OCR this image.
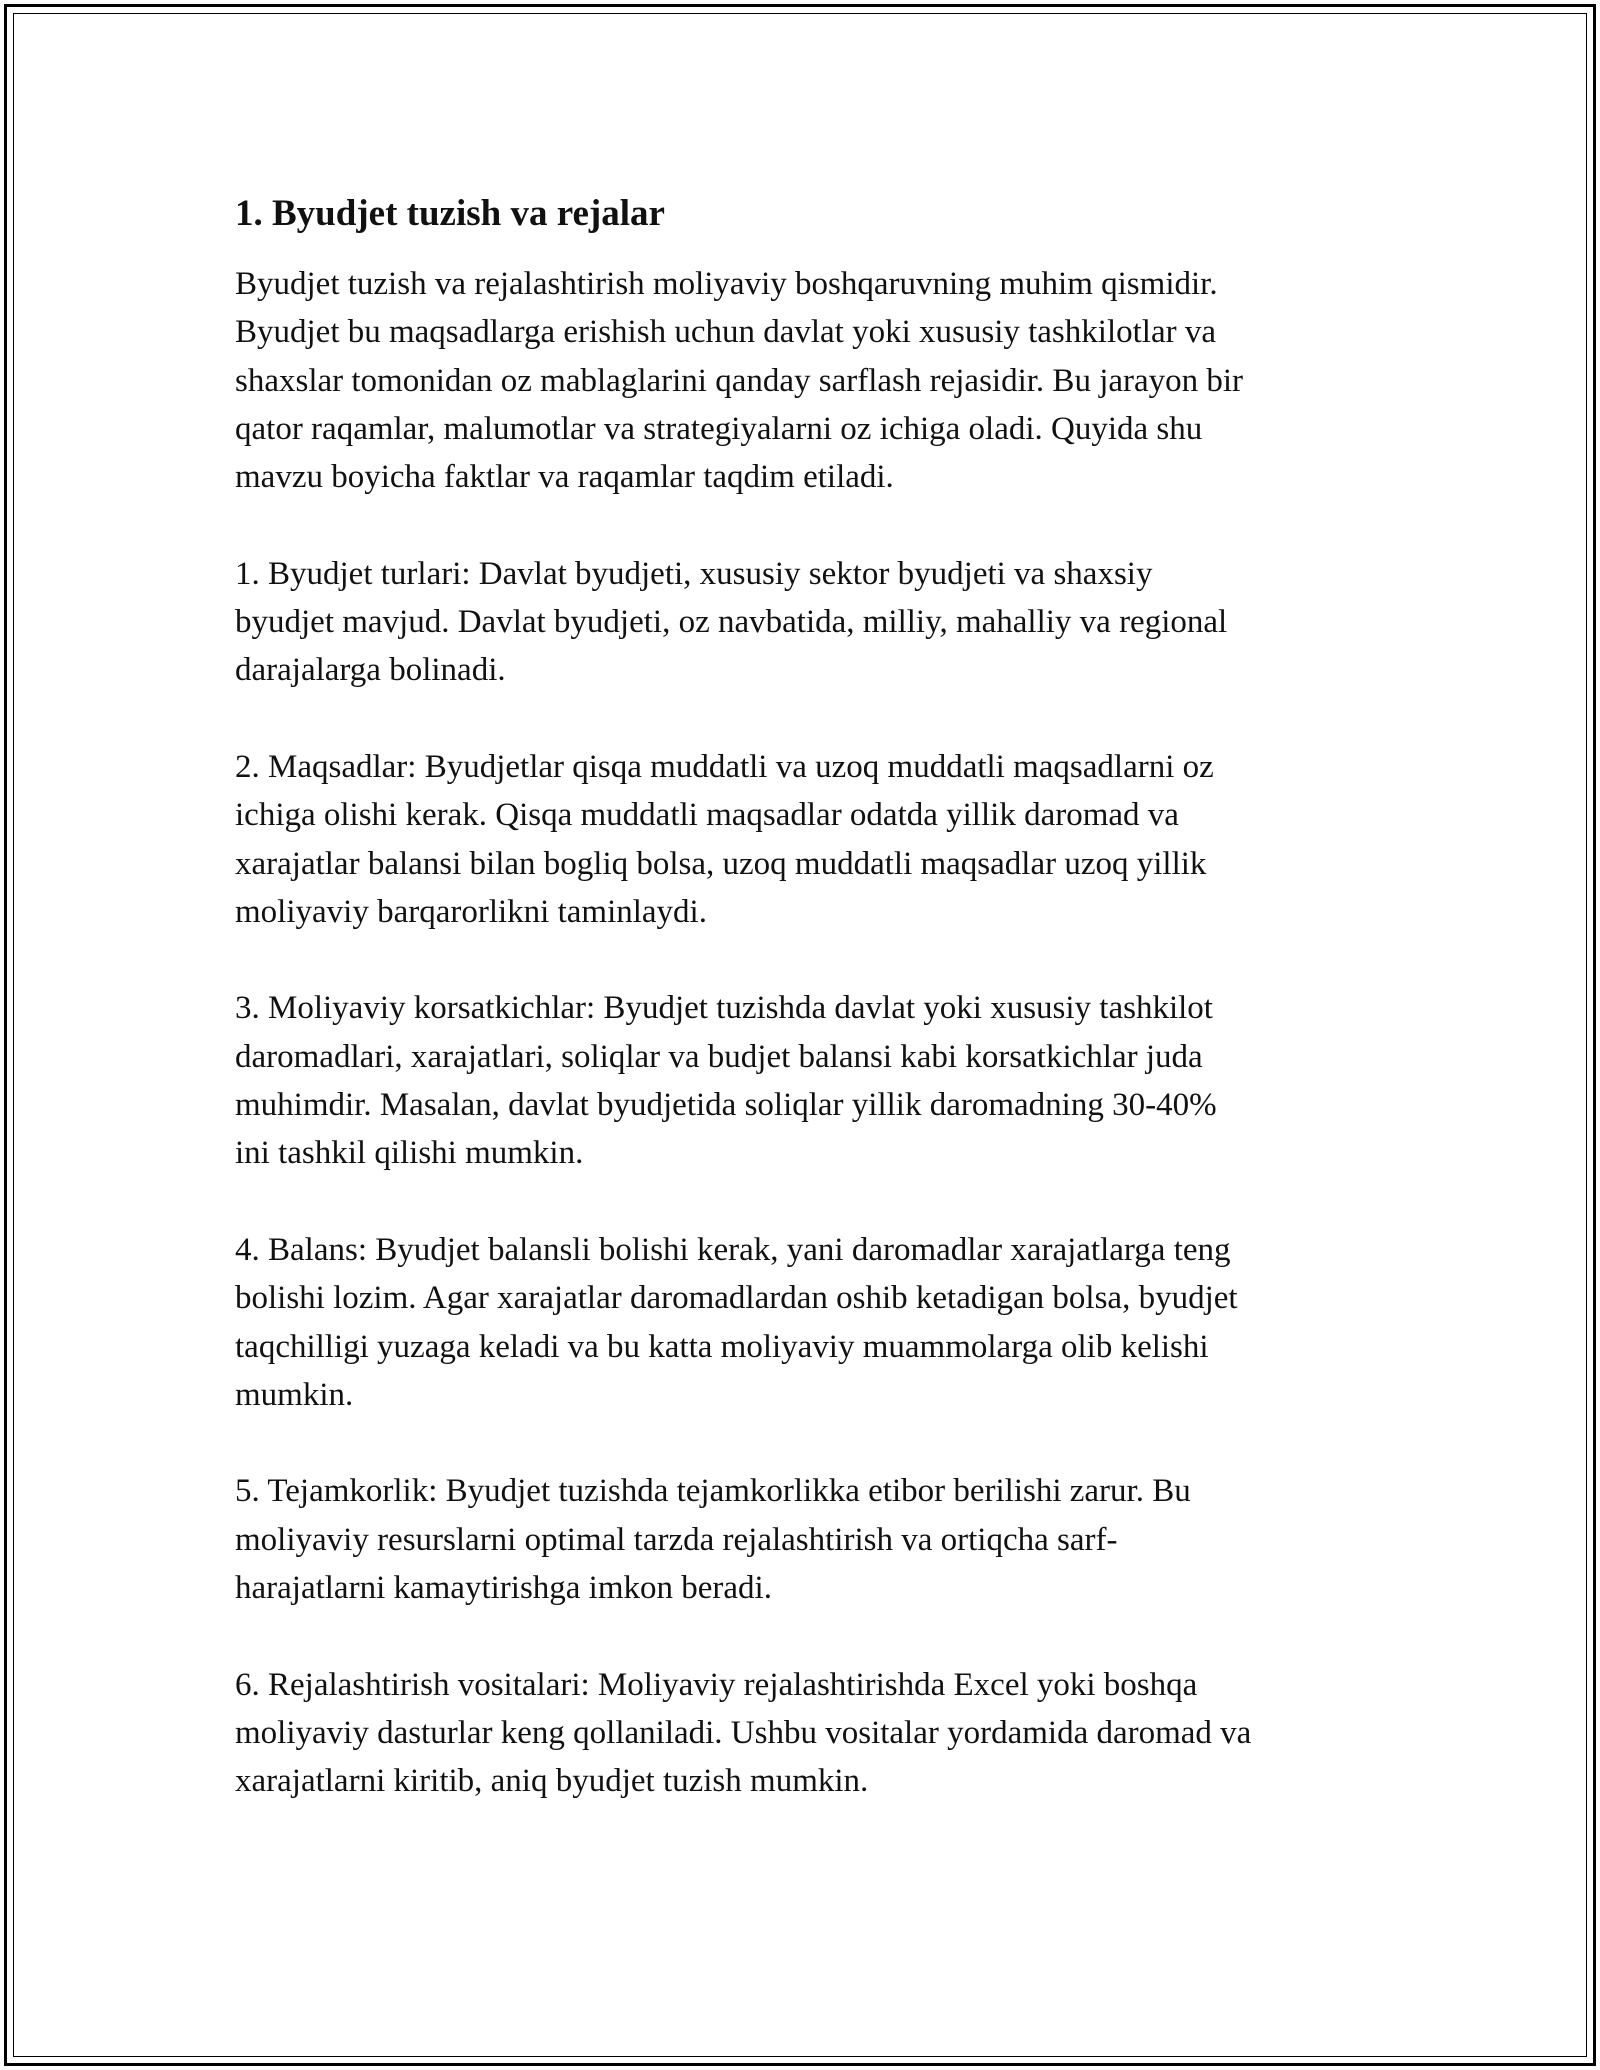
1. Byudjet tuzish va rejalar

Byudjet tuzish va rejalashtirish moliyaviy boshqaruvning muhim qismidir.
Byudjet bu maqsadlarga erishish uchun davlat yoki xususiy tashkilotlar va
shaxslar tomonidan oz mablaglarini qanday sarflash rejasidir. Bu jarayon bir
qator raqamlar, malumotlar va strategiyalarni oz ichiga oladi. Quyida shu
mavzu boyicha faktlar va raqamlar taqdim etiladi.

1. Byudjet turlari: Davlat byudjeti, xususiy sektor byudjeti va shaxsiy
byudjet mavjud. Davlat byudjeti, oz navbatida, milliy, mahalliy va regional
darajalarga bolinadi.

2. Maqsadlar: Byudjetlar qisqa muddatli va uzoq muddatli maqsadlarni oz
ichiga olishi kerak. Qisqa muddatli maqsadlar odatda yillik daromad va
xarajatlar balansi bilan bogliq bolsa, uzoq muddatli maqsadlar uzoq yillik
moliyaviy barqarorlikni taminlaydi.

3. Moliyaviy korsatkichlar: Byudjet tuzishda davlat yoki xususiy tashkilot
daromadlari, xarajatlari, soliqlar va budjet balansi kabi korsatkichlar juda
muhimdir. Masalan, davlat byudjetida soliqlar yillik daromadning 30-40%
ini tashkil qilishi mumkin.

4. Balans: Byudjet balansli bolishi kerak, yani daromadlar xarajatlarga teng
bolishi lozim. Agar xarajatlar daromadlardan oshib ketadigan bolsa, byudjet
taqchilligi yuzaga keladi va bu katta moliyaviy muammolarga olib kelishi
mumkin.

5. Tejamkorlik: Byudjet tuzishda tejamkorlikka etibor berilishi zarur. Bu
moliyaviy resurslarni optimal tarzda rejalashtirish va ortiqcha sarf-
harajatlarni kamaytirishga imkon beradi.

6. Rejalashtirish vositalari: Moliyaviy rejalashtirishda Excel yoki boshqa
moliyaviy dasturlar keng qollaniladi. Ushbu vositalar yordamida daromad va
xarajatlarni kiritib, aniq byudjet tuzish mumkin.
